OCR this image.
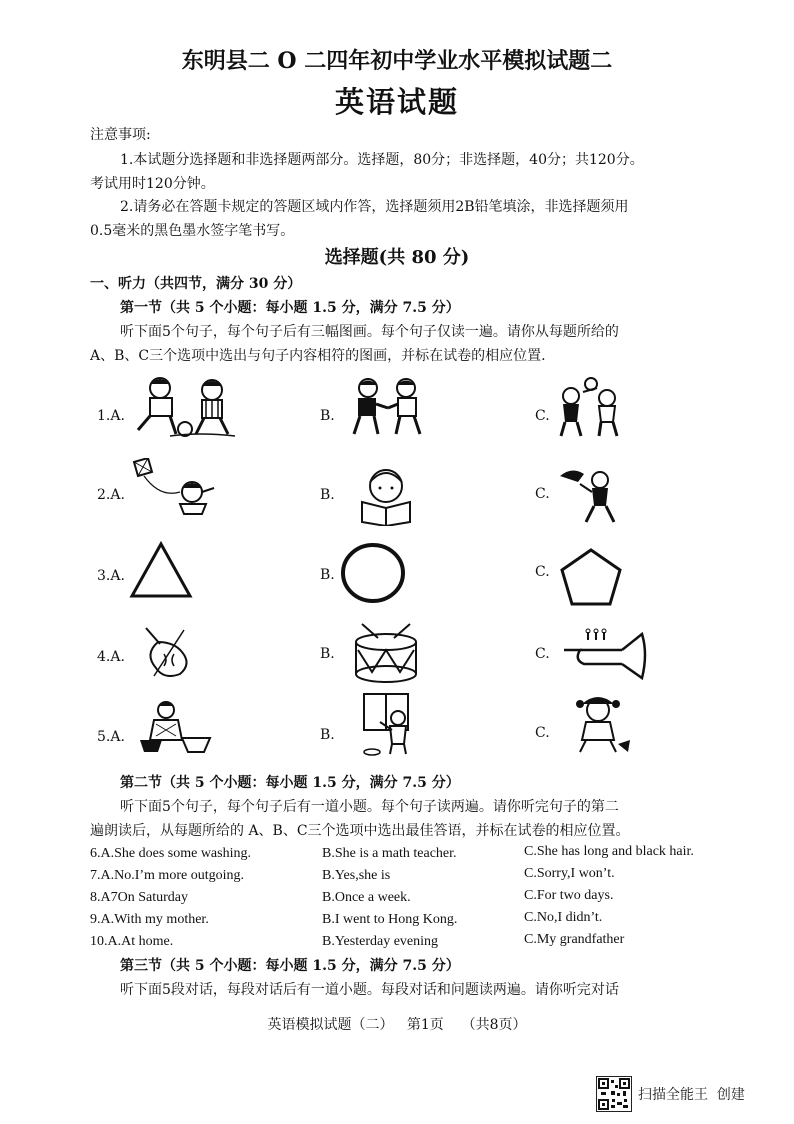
东明县二 O 二四年初中学业水平模拟试题二
英语试题
注意事项:
1.本试题分选择题和非选择题两部分。选择题，80分；非选择题，40分；共120分。
考试用时120分钟。
2.请务必在答题卡规定的答题区域内作答，选择题须用2B铅笔填涂，非选择题须用
0.5毫米的黑色墨水签字笔书写。
选择题(共 80 分)
一、听力（共四节，满分 30 分）
第一节（共 5 个小题：每小题 1.5 分，满分 7.5 分）
听下面5个句子，每个句子后有三幅图画。每个句子仅读一遍。请你从每题所给的
A、B、C三个选项中选出与句子内容相符的图画，并标在试卷的相应位置.
1.A.	B.	C.
2.A.	B.	C.
3.A.	B.	C.
4.A.	B.	C.
5.A.	B.	C.
第二节（共 5 个小题：每小题 1.5 分，满分 7.5 分）
听下面5个句子，每个句子后有一道小题。每个句子读两遍。请你听完句子的第二
遍朗读后，从每题所给的 A、B、C三个选项中选出最佳答语，并标在试卷的相应位置。
6.A.She does some washing.	B.She is a math teacher.	C.She has long and black hair.
7.A.No.I’m more outgoing.	B.Yes,she is	C.Sorry,I won’t.
8.A7On Saturday	B.Once a week.	C.For two days.
9.A.With my mother.	B.I went to Hong Kong.	C.No,I didn’t.
10.A.At home.	B.Yesterday evening	C.My grandfather
第三节（共 5 个小题：每小题 1.5 分，满分 7.5 分）
听下面5段对话，每段对话后有一道小题。每段对话和问题读两遍。请你听完对话
英语模拟试题（二）   第1页    （共8页）
扫描全能王  创建
